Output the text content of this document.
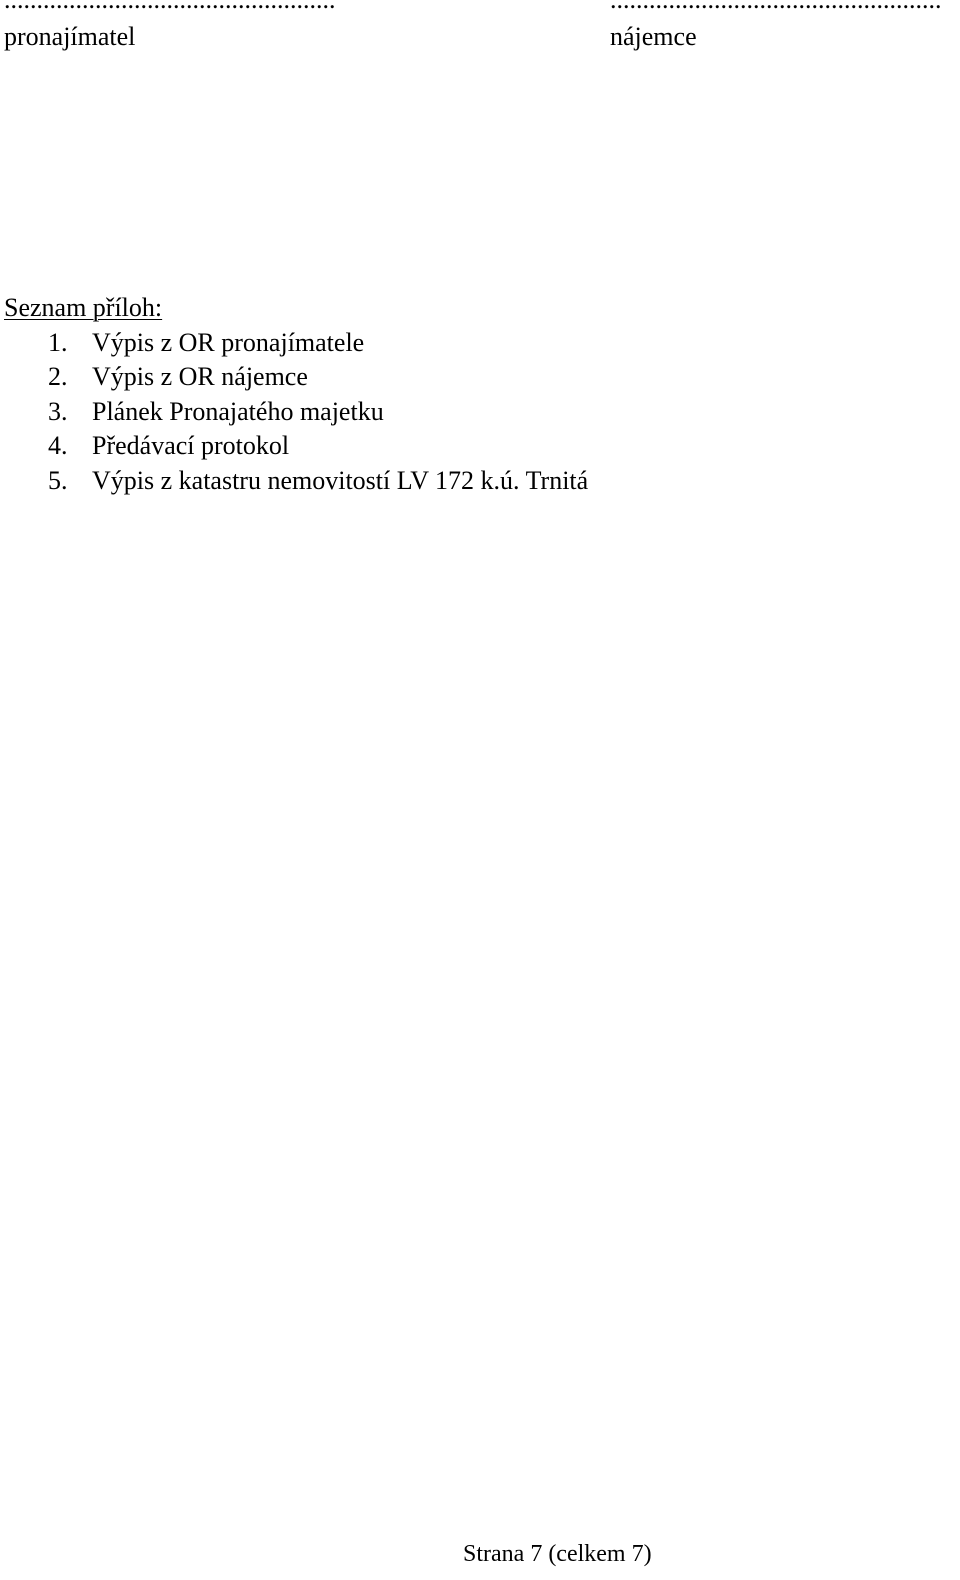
pronajímatel	nájemce
Seznam příloh:
1. Výpis z OR pronajímatele
2. Výpis z OR nájemce
3. Plánek Pronajatého majetku
4. Předávací protokol
5. Výpis z katastru nemovitostí LV 172 k.ú. Trnitá
Strana 7 (celkem 7)
